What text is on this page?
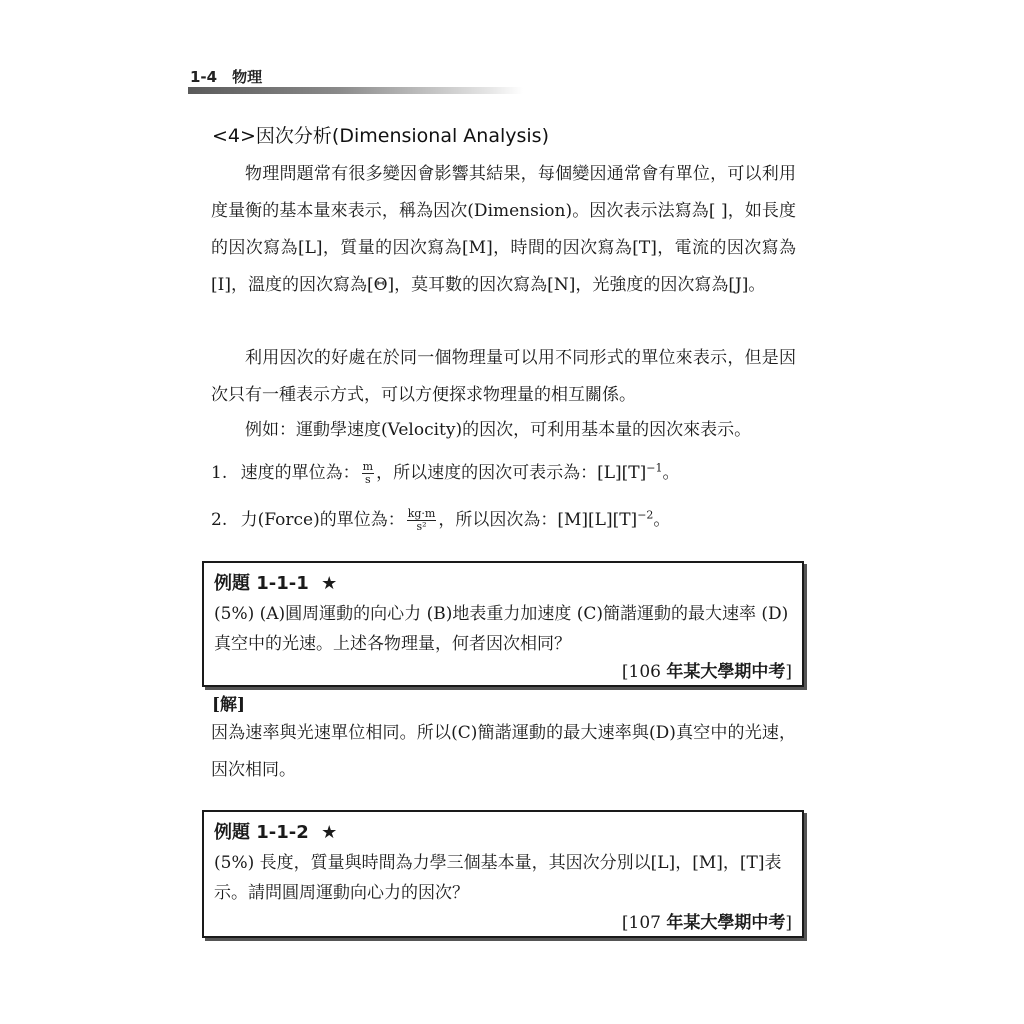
1-4　物理
<4>因次分析(Dimensional Analysis)
物理問題常有很多變因會影響其結果，每個變因通常會有單位，可以利用度量衡的基本量來表示，稱為因次(Dimension)。因次表示法寫為[ ]，如長度的因次寫為[L]，質量的因次寫為[M]，時間的因次寫為[T]，電流的因次寫為[I]，溫度的因次寫為[Θ]，莫耳數的因次寫為[N]，光強度的因次寫為[J]。
利用因次的好處在於同一個物理量可以用不同形式的單位來表示，但是因次只有一種表示方式，可以方便探求物理量的相互關係。
例如：運動學速度(Velocity)的因次，可利用基本量的因次來表示。
1. 速度的單位為： $\frac{m}{s}$ ，所以速度的因次可表示為：$[L][T]^{-1}$。
2. 力(Force)的單位為： $\frac{kg\cdot m}{\text{s²}}$ ，所以因次為：$[M][L][T]^{-2}$。
例題 1-1-1 ★
(5%) (A)圓周運動的向心力 (B)地表重力加速度 (C)簡諧運動的最大速率 (D)真空中的光速。上述各物理量，何者因次相同？
[106 年某大學期中考]
[解]
因為速率與光速單位相同。所以(C)簡諧運動的最大速率與(D)真空中的光速，因次相同。
例題 1-1-2 ★
(5%) 長度，質量與時間為力學三個基本量，其因次分別以[L]，[M]，[T]表示。請問圓周運動向心力的因次？
[107 年某大學期中考]
